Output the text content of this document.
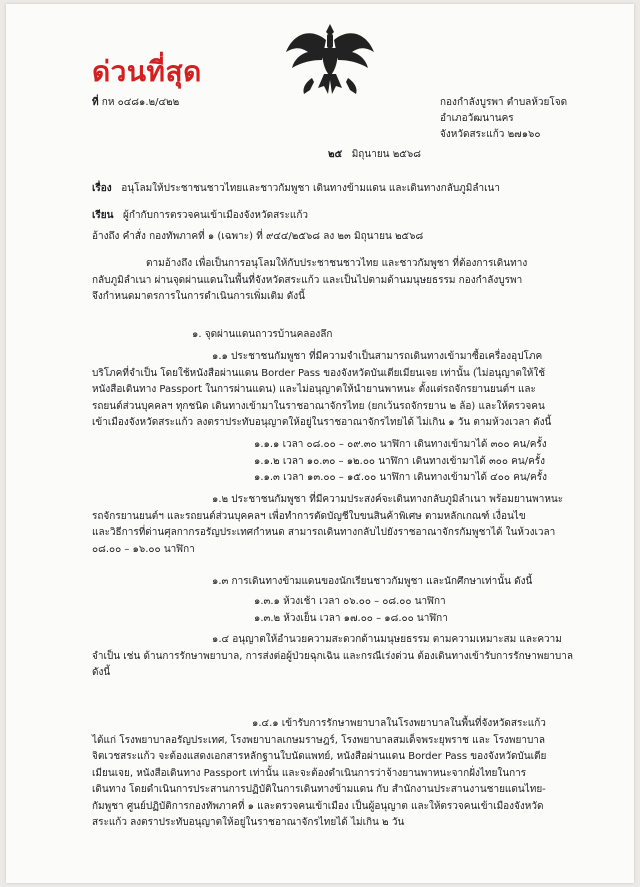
ด่วนที่สุด
ที่ กห ๐๔๘๑.๒/๔๒๒	กองกำลังบูรพา ตำบลห้วยโจด
อำเภอวัฒนานคร
จังหวัดสระแก้ว ๒๗๑๖๐
๒๕ มิถุนายน ๒๕๖๘
เรื่อง อนุโลมให้ประชาชนชาวไทยและชาวกัมพูชา เดินทางข้ามแดน และเดินทางกลับภูมิลำเนา
เรียน ผู้กำกับการตรวจคนเข้าเมืองจังหวัดสระแก้ว
อ้างถึง คำสั่ง กองทัพภาคที่ ๑ (เฉพาะ) ที่ ๙๔๔/๒๕๖๘ ลง ๒๓ มิถุนายน ๒๕๖๘
ตามอ้างถึง เพื่อเป็นการอนุโลมให้กับประชาชนชาวไทย และชาวกัมพูชา ที่ต้องการเดินทาง
กลับภูมิลำเนา ผ่านจุดผ่านแดนในพื้นที่จังหวัดสระแก้ว และเป็นไปตามด้านมนุษยธรรม กองกำลังบูรพา
จึงกำหนดมาตรการในการดำเนินการเพิ่มเติม ดังนี้
๑. จุดผ่านแดนถาวรบ้านคลองลึก
๑.๑ ประชาชนกัมพูชา ที่มีความจำเป็นสามารถเดินทางเข้ามาซื้อเครื่องอุปโภค
บริโภคที่จำเป็น โดยใช้หนังสือผ่านแดน Border Pass ของจังหวัดบันเตียเมียนเจย เท่านั้น (ไม่อนุญาตให้ใช้
หนังสือเดินทาง Passport ในการผ่านแดน) และไม่อนุญาตให้นำยานพาหนะ ตั้งแต่รถจักรยานยนต์ฯ และ
รถยนต์ส่วนบุคคลฯ ทุกชนิด เดินทางเข้ามาในราชอาณาจักรไทย (ยกเว้นรถจักรยาน ๒ ล้อ) และให้ตรวจคน
เข้าเมืองจังหวัดสระแก้ว ลงตราประทับอนุญาตให้อยู่ในราชอาณาจักรไทยได้ ไม่เกิน ๑ วัน ตามห้วงเวลา ดังนี้
๑.๑.๑ เวลา ๐๘.๐๐ – ๐๙.๓๐ นาฬิกา เดินทางเข้ามาได้ ๓๐๐ คน/ครั้ง
๑.๑.๒ เวลา ๑๐.๓๐ – ๑๒.๐๐ นาฬิกา เดินทางเข้ามาได้ ๓๐๐ คน/ครั้ง
๑.๑.๓ เวลา ๑๓.๐๐ – ๑๕.๐๐ นาฬิกา เดินทางเข้ามาได้ ๔๐๐ คน/ครั้ง
๑.๒ ประชาชนกัมพูชา ที่มีความประสงค์จะเดินทางกลับภูมิลำเนา พร้อมยานพาหนะ
รถจักรยานยนต์ฯ และรถยนต์ส่วนบุคคลฯ เพื่อทำการตัดบัญชีใบขนสินค้าพิเศษ ตามหลักเกณฑ์ เงื่อนไข
และวิธีการที่ด่านศุลกากรอรัญประเทศกำหนด สามารถเดินทางกลับไปยังราชอาณาจักรกัมพูชาได้ ในห้วงเวลา
๐๘.๐๐ – ๑๖.๐๐ นาฬิกา
๑.๓ การเดินทางข้ามแดนของนักเรียนชาวกัมพูชา และนักศึกษาเท่านั้น ดังนี้
๑.๓.๑ ห้วงเช้า เวลา ๐๖.๐๐ – ๐๘.๐๐ นาฬิกา
๑.๓.๒ ห้วงเย็น เวลา ๑๗.๐๐ – ๑๘.๐๐ นาฬิกา
๑.๔ อนุญาตให้อำนวยความสะดวกด้านมนุษยธรรม ตามความเหมาะสม และความ
จำเป็น เช่น ด้านการรักษาพยาบาล, การส่งต่อผู้ป่วยฉุกเฉิน และกรณีเร่งด่วน ต้องเดินทางเข้ารับการรักษาพยาบาล
ดังนี้
๑.๔.๑ เข้ารับการรักษาพยาบาลในโรงพยาบาลในพื้นที่จังหวัดสระแก้ว
ได้แก่ โรงพยาบาลอรัญประเทศ, โรงพยาบาลเกษมราษฎร์, โรงพยาบาลสมเด็จพระยุพราช และ โรงพยาบาล
จิตเวชสระแก้ว จะต้องแสดงเอกสารหลักฐานใบนัดแพทย์, หนังสือผ่านแดน Border Pass ของจังหวัดบันเตีย
เมียนเจย, หนังสือเดินทาง Passport เท่านั้น และจะต้องดำเนินการว่าจ้างยานพาหนะจากฝั่งไทยในการ
เดินทาง โดยดำเนินการประสานการปฏิบัติในการเดินทางข้ามแดน กับ สำนักงานประสานงานชายแดนไทย-
กัมพูชา ศูนย์ปฏิบัติการกองทัพภาคที่ ๑ และตรวจคนเข้าเมือง เป็นผู้อนุญาต และให้ตรวจคนเข้าเมืองจังหวัด
สระแก้ว ลงตราประทับอนุญาตให้อยู่ในราชอาณาจักรไทยได้ ไม่เกิน ๒ วัน
